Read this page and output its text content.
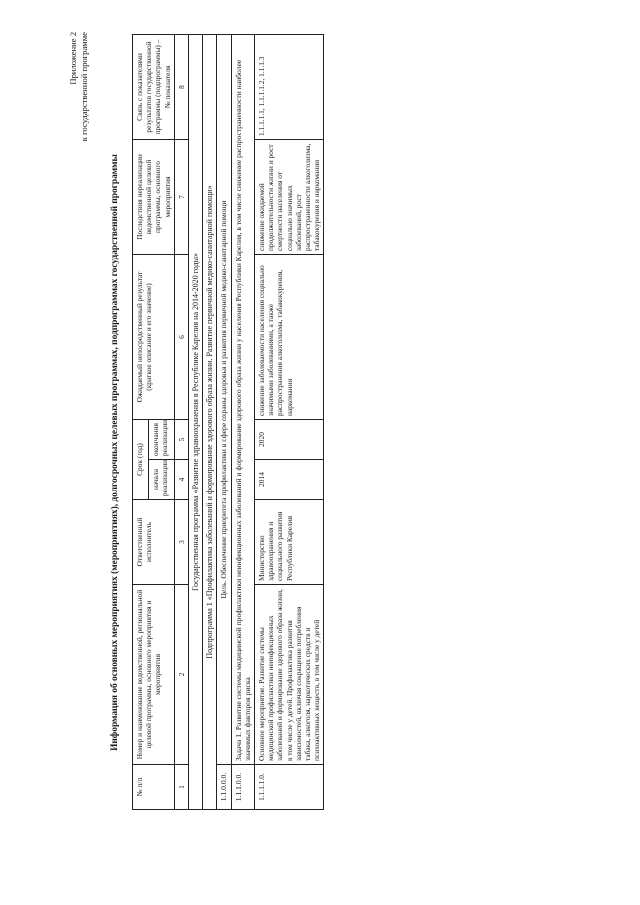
Приложение 2 к государственной программе
Информация об основных мероприятиях (мероприятиях), долгосрочных целевых программах, подпрограммах государственной программы
№ п/п	Номер и наименование ведомственной, региональной целевой программы, основного мероприятия и мероприятия	Ответственный исполнитель	Срок (год)		Ожидаемый непосредственный результат (краткое описание и его значение)	Последствия нереализации ведомственной целевой программы, основного мероприятия	Связь с показателями результатов государственной программы (подпрограммы) – № показателя
			начала реализации	окончания реализации			
1	2	3	4	5	6	7	8
Государственная программа «Развитие здравоохранения в Республике Карелия на 2014-2020 годы»							
Подпрограмма 1 «Профилактика заболеваний и формирование здорового образа жизни. Развитие первичной медико-санитарной помощи»							
1.1.0.0.0.	Цель. Обеспечение приоритета профилактики в сфере охраны здоровья и развития первичной медико-санитарной помощи						
1.1.1.0.0.	Задача 1. Развитие системы медицинской профилактики неинфекционных заболеваний и формирование здорового образа жизни у населения Республики Карелия, в том числе снижение распространенности наиболее значимых факторов риска						
1.1.1.1.0.	Основное мероприятие. Развитие системы медицинской профилактики неинфекционных заболеваний и формирование здорового образа жизни, в том числе у детей. Профилактика развития зависимостей, включая сокращение потребления табака, алкоголя, наркотических средств и психоактивных веществ, в том числе у детей	Министерство здравоохранения и социального развития Республики Карелия	2014	2020	снижение заболеваемости населения социально значимыми заболеваниями, а также распространения алкоголизма, табакокурения, наркомании	снижение ожидаемой продолжительности жизни и рост смертности населения от социально значимых заболеваний, рост распространенности алкоголизма, табакокурения и наркомании	1.1.1.1.1, 1.1.1.1.2, 1.1.1.3
